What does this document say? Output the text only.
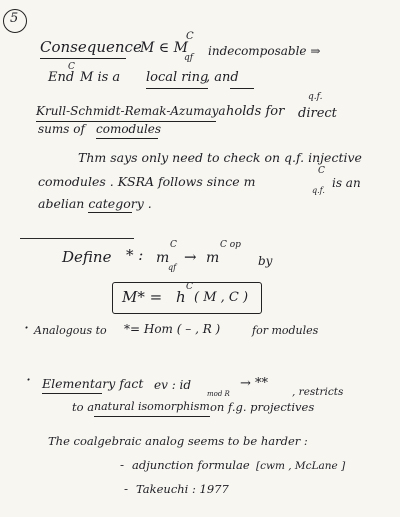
5
Consequence
M ∈ M
C
qf indecomposable ⇒
End
C
M is a local ring
, and
Krull-Schmidt-Remak-Azumaya holds for
q.f.
direct
sums of comodules
Thm says only need to check on q.f. injective
comodules . KSRA follows since m
C
q.f.
is an
abelian category .
Define * : m
C
qf
→ m
C op
by
M* = h
C
( M , C )
· Analogous to *= Hom ( – , R )	for modules
· Elementary fact ev : id
mod R
→ **
, restricts
to a natural isomorphism on f.g. projectives
The coalgebraic analog seems to be harder :
- adjunction formulae [cwm , McLane ]
- Takeuchi : 1977
